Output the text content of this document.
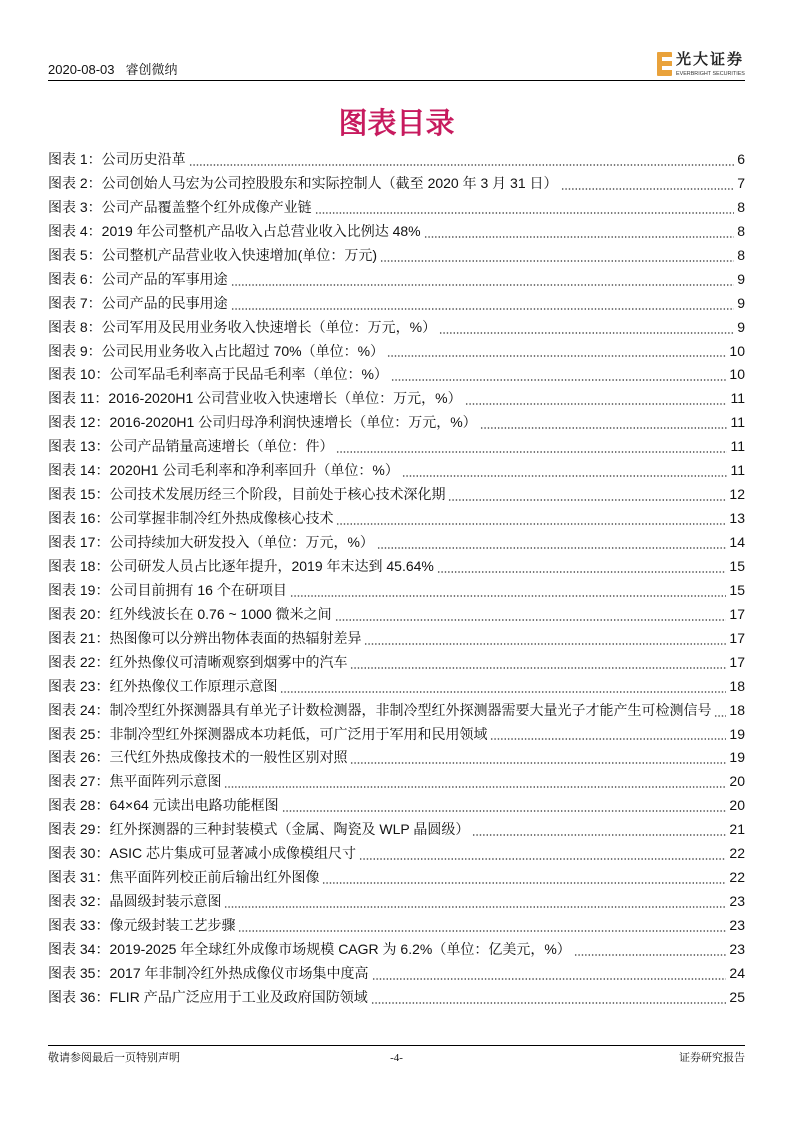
2020-08-03 睿创微纳
光大证券
EVERBRIGHT SECURITIES
图表目录
图表 1：公司历史沿革	6
图表 2：公司创始人马宏为公司控股股东和实际控制人（截至 2020 年 3 月 31 日）	7
图表 3：公司产品覆盖整个红外成像产业链	8
图表 4：2019 年公司整机产品收入占总营业收入比例达 48%	8
图表 5：公司整机产品营业收入快速增加(单位：万元)	8
图表 6：公司产品的军事用途	9
图表 7：公司产品的民事用途	9
图表 8：公司军用及民用业务收入快速增长（单位：万元，%）	9
图表 9：公司民用业务收入占比超过 70%（单位：%）	10
图表 10：公司军品毛利率高于民品毛利率（单位：%）	10
图表 11：2016-2020H1 公司营业收入快速增长（单位：万元，%）	11
图表 12：2016-2020H1 公司归母净利润快速增长（单位：万元，%）	11
图表 13：公司产品销量高速增长（单位：件）	11
图表 14：2020H1 公司毛利率和净利率回升（单位：%）	11
图表 15：公司技术发展历经三个阶段，目前处于核心技术深化期	12
图表 16：公司掌握非制冷红外热成像核心技术	13
图表 17：公司持续加大研发投入（单位：万元，%）	14
图表 18：公司研发人员占比逐年提升，2019 年末达到 45.64%	15
图表 19：公司目前拥有 16 个在研项目	15
图表 20：红外线波长在 0.76 ~ 1000 微米之间	17
图表 21：热图像可以分辨出物体表面的热辐射差异	17
图表 22：红外热像仪可清晰观察到烟雾中的汽车	17
图表 23：红外热像仪工作原理示意图	18
图表 24：制冷型红外探测器具有单光子计数检测器，非制冷型红外探测器需要大量光子才能产生可检测信号 18
图表 25：非制冷型红外探测器成本功耗低，可广泛用于军用和民用领域	19
图表 26：三代红外热成像技术的一般性区别对照	19
图表 27：焦平面阵列示意图	20
图表 28：64×64 元读出电路功能框图	20
图表 29：红外探测器的三种封装模式（金属、陶瓷及 WLP 晶圆级）	21
图表 30：ASIC 芯片集成可显著减小成像模组尺寸	22
图表 31：焦平面阵列校正前后输出红外图像	22
图表 32：晶圆级封装示意图	23
图表 33：像元级封装工艺步骤	23
图表 34：2019-2025 年全球红外成像市场规模 CAGR 为 6.2%（单位：亿美元，%）	23
图表 35：2017 年非制冷红外热成像仪市场集中度高	24
图表 36：FLIR 产品广泛应用于工业及政府国防领域	25
敬请参阅最后一页特别声明	-4-	证券研究报告
